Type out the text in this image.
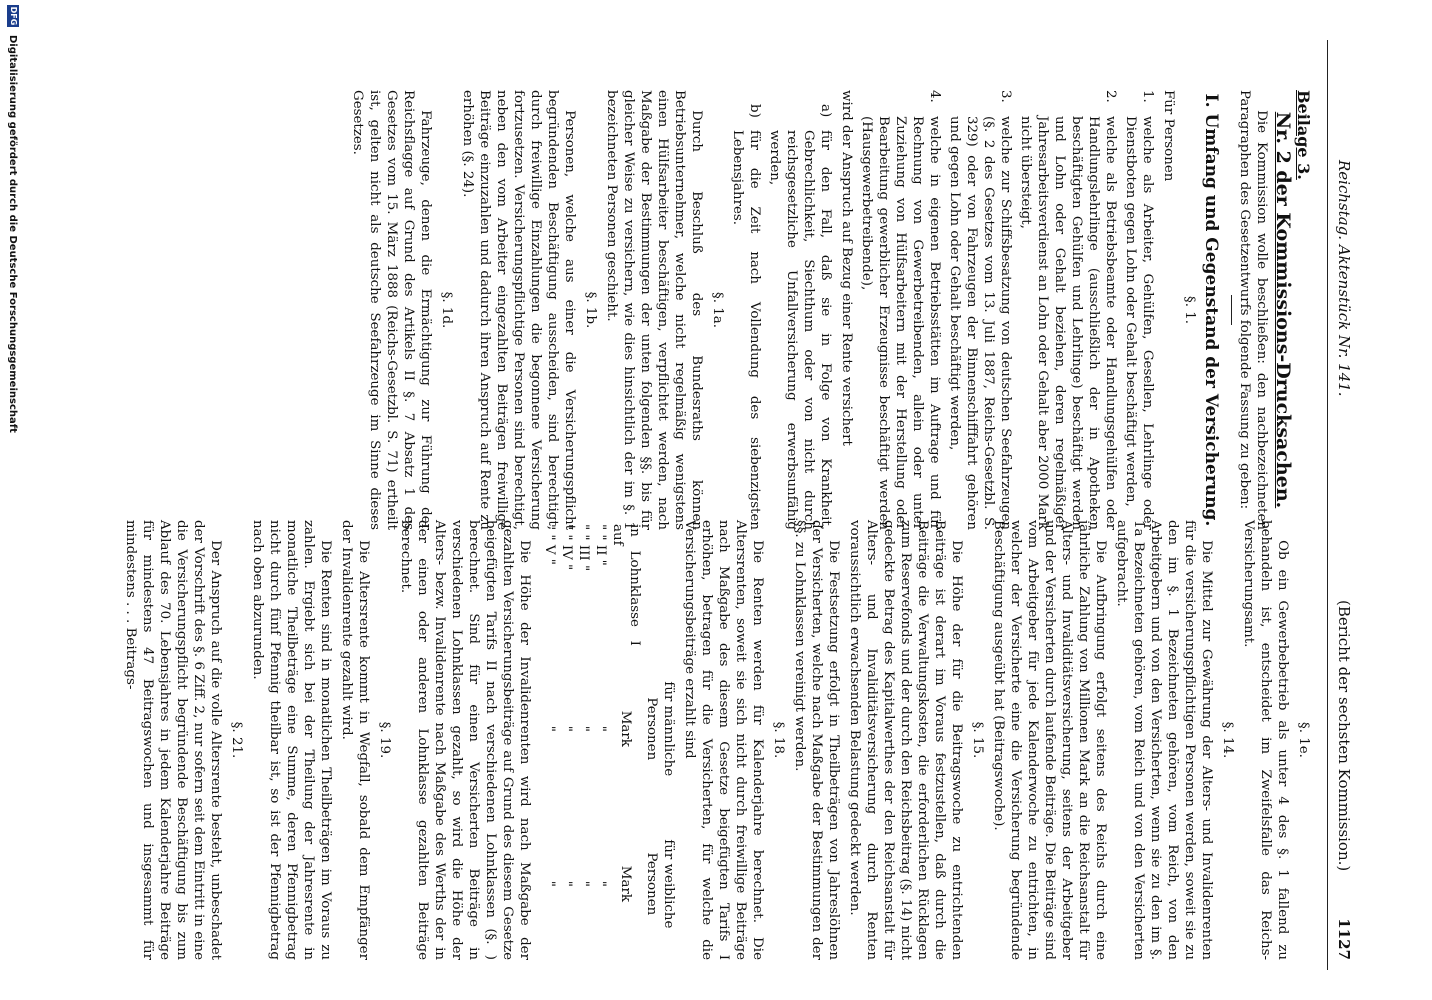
Reichstag. Aktenstück Nr. 141.
(Bericht der sechsten Kommission.)
1127

Beilage 3.

Nr. 2 der Kommissions-Drucksachen.

Die Kommission wolle beschließen: den nachbezeichneten Paragraphen des Gesetzentwurfs folgende Fassung zu geben:

I. Umfang und Gegenstand der Versicherung.

§. 1.

Für Personen

1.
welche als Arbeiter, Gehülfen, Gesellen, Lehrlinge oder Dienstboten gegen Lohn oder Gehalt beschäftigt werden,
2.
welche als Betriebsbeamte oder Handlungsgehülfen oder Handlungslehrlinge (ausschließlich der in Apotheken beschäftigten Gehülfen und Lehrlinge) beschäftigt werden und Lohn oder Gehalt beziehen, deren regelmäßiger Jahresarbeitsverdienst an Lohn oder Gehalt aber 2000 Mark nicht übersteigt,
3.
welche zur Schiffsbesatzung von deutschen Seefahrzeugen (§. 2 des Gesetzes vom 13. Juli 1887, Reichs-Gesetzbl. S. 329) oder von Fahrzeugen der Binnenschifffahrt gehören und gegen Lohn oder Gehalt beschäftigt werden,
4.
welche in eigenen Betriebsstätten im Auftrage und für Rechnung von Gewerbetreibenden, allein oder unter Zuziehung von Hülfsarbeitern mit der Herstellung oder Bearbeitung gewerblicher Erzeugnisse beschäftigt werden (Hausgewerbetreibende),

wird der Anspruch auf Bezug einer Rente versichert

a)
für den Fall, daß sie in Folge von Krankheit, Gebrechlichkeit, Siechthum oder von nicht durch reichsgesetzliche Unfallversicherung erwerbsunfähig werden,
b)
für die Zeit nach Vollendung des siebenzigsten Lebensjahres.

§. 1a.

Durch Beschluß des Bundesraths können Betriebsunternehmer, welche nicht regelmäßig wenigstens einen Hülfsarbeiter beschäftigen, verpflichtet werden, nach Maßgabe der Bestimmungen der unten folgenden §§. bis für gleicher Weise zu versichern, wie dies hinsichtlich der im §. 1 bezeichneten Personen geschieht.

§. 1b.

Personen, welche aus einer die Versicherungspflicht begründenden Beschäftigung ausscheiden, sind berechtigt, durch freiwillige Einzahlungen die begonnene Versicherung fortzusetzen. Versicherungspflichtige Personen sind berechtigt, neben den vom Arbeiter eingezahlten Beiträgen freiwillige Beiträge einzuzahlen und dadurch ihren Anspruch auf Rente zu erhöhen (§. 24).

§. 1d.

Fahrzeuge, denen die Ermächtigung zur Führung der Reichsflagge auf Grund des Artikels II §. 7 Absatz 1 des Gesetzes vom 15. März 1888 (Reichs-Gesetzbl. S. 71) ertheilt ist, gelten nicht als deutsche Seefahrzeuge im Sinne dieses Gesetzes.

§. 1e.

Ob ein Gewerbebetrieb als unter 4 des §. 1 fallend zu behandeln ist, entscheidet im Zweifelsfalle das Reichs-Versicherungsamt.

§. 14.

Die Mittel zur Gewährung der Alters- und Invalidenrenten für die versicherungspflichtigen Personen werden, soweit sie zu den im §. 1 Bezeichneten gehören, vom Reich, von den Arbeitgebern und von den Versicherten, wenn sie zu den im §. 1a Bezeichneten gehören, vom Reich und von den Versicherten aufgebracht.

Die Aufbringung erfolgt seitens des Reichs durch eine jährliche Zahlung von Millionen Mark an die Reichsanstalt für Alters- und Invaliditätsversicherung, seitens der Arbeitgeber und der Versicherten durch laufende Beiträge. Die Beiträge sind vom Arbeitgeber für jede Kalenderwoche zu entrichten, in welcher der Versicherte eine die Versicherung begründende Beschäftigung ausgeübt hat (Beitragswoche).

§. 15.

Die Höhe der für die Beitragswoche zu entrichtenden Beiträge ist derart im Voraus festzustellen, daß durch die Beiträge die Verwaltungskosten, die erforderlichen Rücklagen zum Reservefonds und der durch den Reichsbeitrag (§. 14) nicht gedeckte Betrag des Kapitalwerthes der den Reichsanstalt für Alters- und Invaliditätsversicherung durch Renten voraussichtlich erwachsenden Belastung gedeckt werden.

Die Festsetzung erfolgt in Theilbeträgen von Jahreslöhnen der Versicherten, welche nach Maßgabe der Bestimmungen der §§. zu Lohnklassen vereinigt werden.

§. 18.

Die Renten werden für Kalenderjahre berechnet. Die Altersrenten, soweit sie sich nicht durch freiwillige Beiträge nach Maßgabe des diesem Gesetze beigefügten Tarifs I erhöhen, betragen für die Versicherten, für welche die Versicherungsbeiträge erzahlt sind

	für männliche Personen	für weibliche Personen
in Lohnklasse I auf	Mark	Mark
" " II "	"	"
" " III "	"	"
" " IV "	"	"
" " V "	"	"

Die Höhe der Invalidenrenten wird nach Maßgabe der gezahlten Versicherungsbeiträge auf Grund des diesem Gesetze beigefügten Tarifs II nach verschiedenen Lohnklassen (§. ) berechnet. Sind für einen Versicherten Beiträge in verschiedenen Lohnklassen gezahlt, so wird die Höhe der Alters- bezw. Invalidenrente nach Maßgabe des Werths der in der einen oder anderen Lohnklasse gezahlten Beiträge berechnet.

§. 19.

Die Altersrente kommt in Wegfall, sobald dem Empfänger der Invalidenrente gezahlt wird.

Die Renten sind in monatlichen Theilbeträgen im Voraus zu zahlen. Ergiebt sich bei der Theilung der Jahresrente in monatliche Theilbeträge eine Summe, deren Pfennigbetrag nicht durch fünf Pfennig theilbar ist, so ist der Pfennigbetrag nach oben abzurunden.

§. 21.

Der Anspruch auf die volle Altersrente besteht, unbeschadet der Vorschrift des §. 6 Ziff. 2, nur sofern seit dem Eintritt in eine die Versicherungspflicht begründende Beschäftigung bis zum Ablauf des 70. Lebensjahres in jedem Kalenderjahre Beiträge für mindestens 47 Beitragswochen und insgesammt für mindestens . . . Beitrags-

DFG
Digitalisierung gefördert durch die Deutsche Forschungsgemeinschaft
